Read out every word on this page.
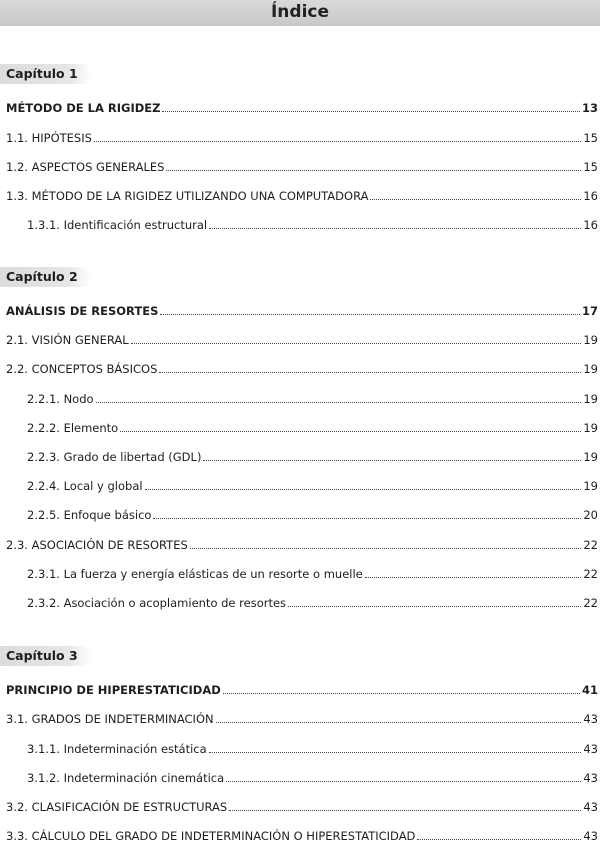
Índice
Capítulo 1
MÉTODO DE LA RIGIDEZ	13
1.1. HIPÓTESIS	15
1.2. ASPECTOS GENERALES	15
1.3. MÉTODO DE LA RIGIDEZ UTILIZANDO UNA COMPUTADORA	16
1.3.1. Identificación estructural	16
Capítulo 2
ANÁLISIS DE RESORTES	17
2.1. VISIÓN GENERAL	19
2.2. CONCEPTOS BÁSICOS	19
2.2.1. Nodo	19
2.2.2. Elemento	19
2.2.3. Grado de libertad (GDL)	19
2.2.4. Local y global	19
2.2.5. Enfoque básico	20
2.3. ASOCIACIÓN DE RESORTES	22
2.3.1. La fuerza y energía elásticas de un resorte o muelle	22
2.3.2. Asociación o acoplamiento de resortes	22
Capítulo 3
PRINCIPIO DE HIPERESTATICIDAD	41
3.1. GRADOS DE INDETERMINACIÓN	43
3.1.1. Indeterminación estática	43
3.1.2. Indeterminación cinemática	43
3.2. CLASIFICACIÓN DE ESTRUCTURAS	43
3.3. CÁLCULO DEL GRADO DE INDETERMINACIÓN O HIPERESTATICIDAD	43
